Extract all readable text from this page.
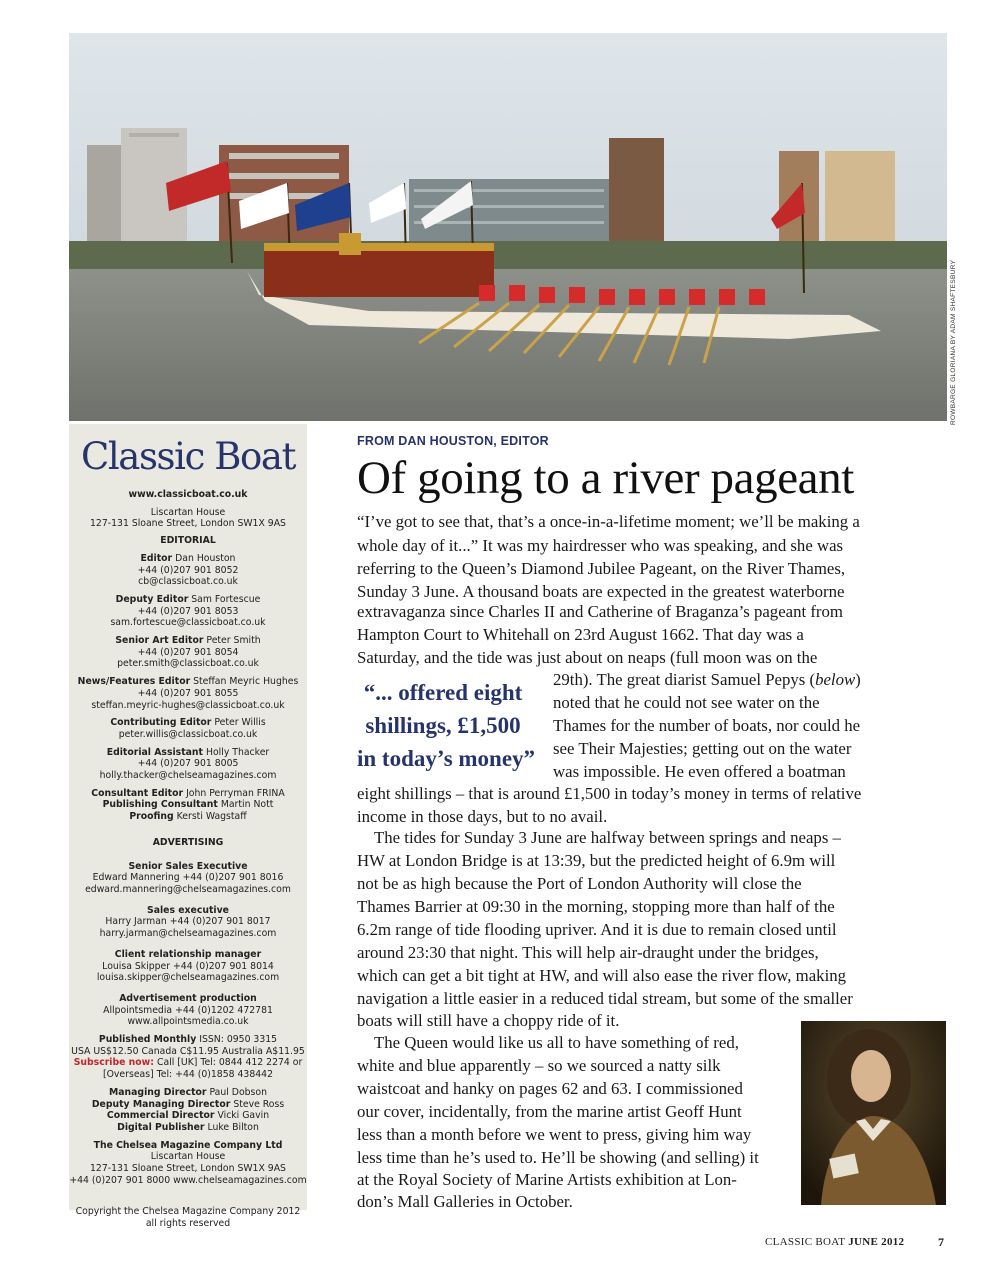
ROWBARGE GLORIANA BY ADAM SHAFTESBURY
Classic Boat
www.classicboat.co.uk
Liscartan House
127-131 Sloane Street, London SW1X 9AS
EDITORIAL
Editor Dan Houston
+44 (0)207 901 8052
cb@classicboat.co.uk
Deputy Editor Sam Fortescue
+44 (0)207 901 8053
sam.fortescue@classicboat.co.uk
Senior Art Editor Peter Smith
+44 (0)207 901 8054
peter.smith@classicboat.co.uk
News/Features Editor Steffan Meyric Hughes
+44 (0)207 901 8055
steffan.meyric-hughes@classicboat.co.uk
Contributing Editor Peter Willis
peter.willis@classicboat.co.uk
Editorial Assistant Holly Thacker
+44 (0)207 901 8005
holly.thacker@chelseamagazines.com
Consultant Editor John Perryman FRINA
Publishing Consultant Martin Nott
Proofing Kersti Wagstaff
ADVERTISING
Senior Sales Executive
Edward Mannering +44 (0)207 901 8016
edward.mannering@chelseamagazines.com
Sales executive
Harry Jarman +44 (0)207 901 8017
harry.jarman@chelseamagazines.com
Client relationship manager
Louisa Skipper +44 (0)207 901 8014
louisa.skipper@chelseamagazines.com
Advertisement production
Allpointsmedia +44 (0)1202 472781
www.allpointsmedia.co.uk
Published Monthly ISSN: 0950 3315
USA US$12.50 Canada C$11.95 Australia A$11.95
Subscribe now: Call [UK] Tel: 0844 412 2274 or
[Overseas] Tel: +44 (0)1858 438442
Managing Director Paul Dobson
Deputy Managing Director Steve Ross
Commercial Director Vicki Gavin
Digital Publisher Luke Bilton
The Chelsea Magazine Company Ltd
Liscartan House
127-131 Sloane Street, London SW1X 9AS
+44 (0)207 901 8000 www.chelseamagazines.com
Copyright the Chelsea Magazine Company 2012
all rights reserved
FROM DAN HOUSTON, EDITOR
Of going to a river pageant
“I’ve got to see that, that’s a once-in-a-lifetime moment; we’ll be making a
whole day of it...” It was my hairdresser who was speaking, and she was
referring to the Queen’s Diamond Jubilee Pageant, on the River Thames,
Sunday 3 June. A thousand boats are expected in the greatest waterborne
extravaganza since Charles II and Catherine of Braganza’s pageant from
Hampton Court to Whitehall on 23rd August 1662. That day was a
Saturday, and the tide was just about on neaps (full moon was on the
29th). The great diarist Samuel Pepys (below)
noted that he could not see water on the
Thames for the number of boats, nor could he
see Their Majesties; getting out on the water
was impossible. He even offered a boatman
eight shillings – that is around £1,500 in today’s money in terms of relative
income in those days, but to no avail.
The tides for Sunday 3 June are halfway between springs and neaps –
HW at London Bridge is at 13:39, but the predicted height of 6.9m will
not be as high because the Port of London Authority will close the
Thames Barrier at 09:30 in the morning, stopping more than half of the
6.2m range of tide flooding upriver. And it is due to remain closed until
around 23:30 that night. This will help air-draught under the bridges,
which can get a bit tight at HW, and will also ease the river flow, making
navigation a little easier in a reduced tidal stream, but some of the smaller
boats will still have a choppy ride of it.
The Queen would like us all to have something of red,
white and blue apparently – so we sourced a natty silk
waistcoat and hanky on pages 62 and 63. I commissioned
our cover, incidentally, from the marine artist Geoff Hunt
less than a month before we went to press, giving him way
less time than he’s used to. He’ll be showing (and selling) it
at the Royal Society of Marine Artists exhibition at Lon-
don’s Mall Galleries in October.
“... offered eight
shillings, £1,500
in today’s money”
CLASSIC BOAT JUNE 2012	7
